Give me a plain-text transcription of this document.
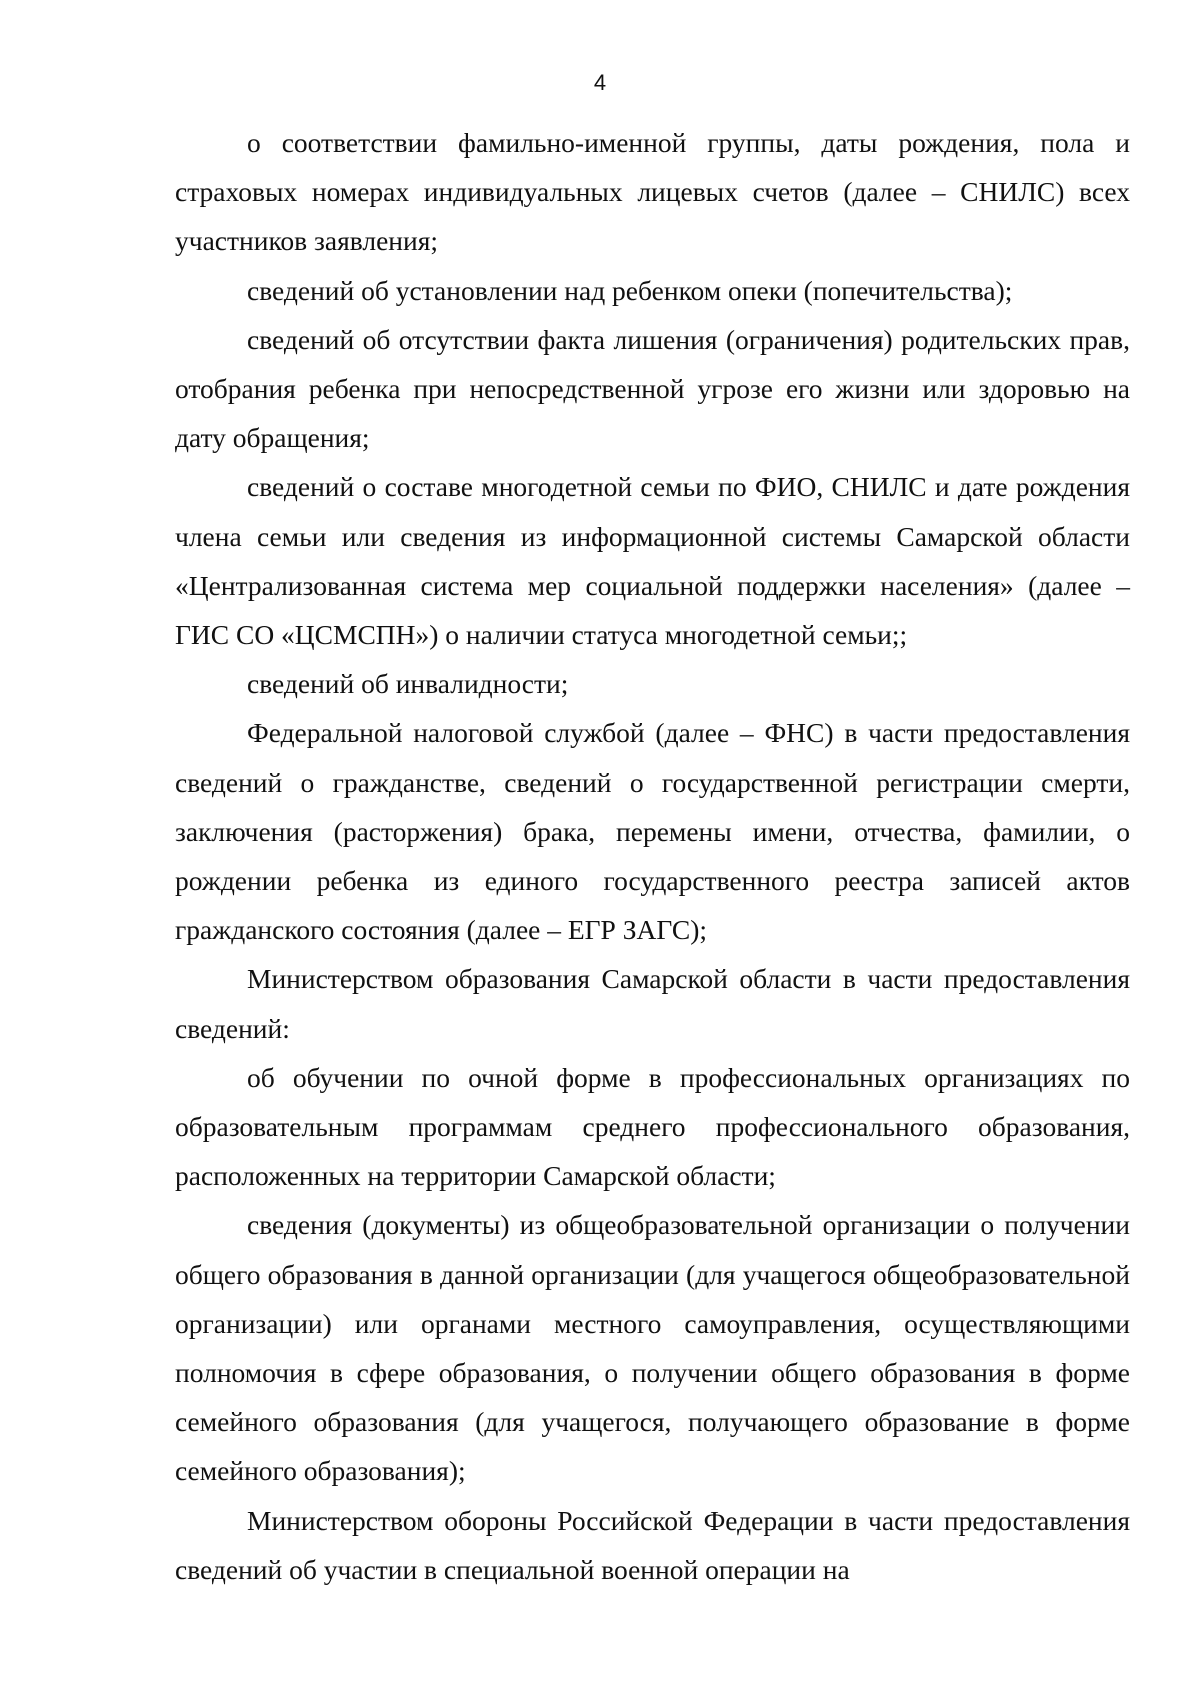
4

о соответствии фамильно-именной группы, даты рождения, пола и страховых номерах индивидуальных лицевых счетов (далее – СНИЛС) всех участников заявления;

сведений об установлении над ребенком опеки (попечительства);

сведений об отсутствии факта лишения (ограничения) родительских прав, отобрания ребенка при непосредственной угрозе его жизни или здоровью на дату обращения;

сведений о составе многодетной семьи по ФИО, СНИЛС и дате рождения члена семьи или сведения из информационной системы Самарской области «Централизованная система мер социальной поддержки населения» (далее – ГИС СО «ЦСМСПН») о наличии статуса многодетной семьи;;

сведений об инвалидности;

Федеральной налоговой службой (далее – ФНС) в части предоставления сведений о гражданстве, сведений о государственной регистрации смерти, заключения (расторжения) брака, перемены имени, отчества, фамилии, о рождении ребенка из единого государственного реестра записей актов гражданского состояния (далее – ЕГР ЗАГС);

Министерством образования Самарской области в части предоставления сведений:

об обучении по очной форме в профессиональных организациях по образовательным программам среднего профессионального образования, расположенных на территории Самарской области;

сведения (документы) из общеобразовательной организации о получении общего образования в данной организации (для учащегося общеобразовательной организации) или органами местного самоуправления, осуществляющими полномочия в сфере образования, о получении общего образования в форме семейного образования (для учащегося, получающего образование в форме семейного образования);

Министерством обороны Российской Федерации в части предоставления сведений об участии в специальной военной операции на
